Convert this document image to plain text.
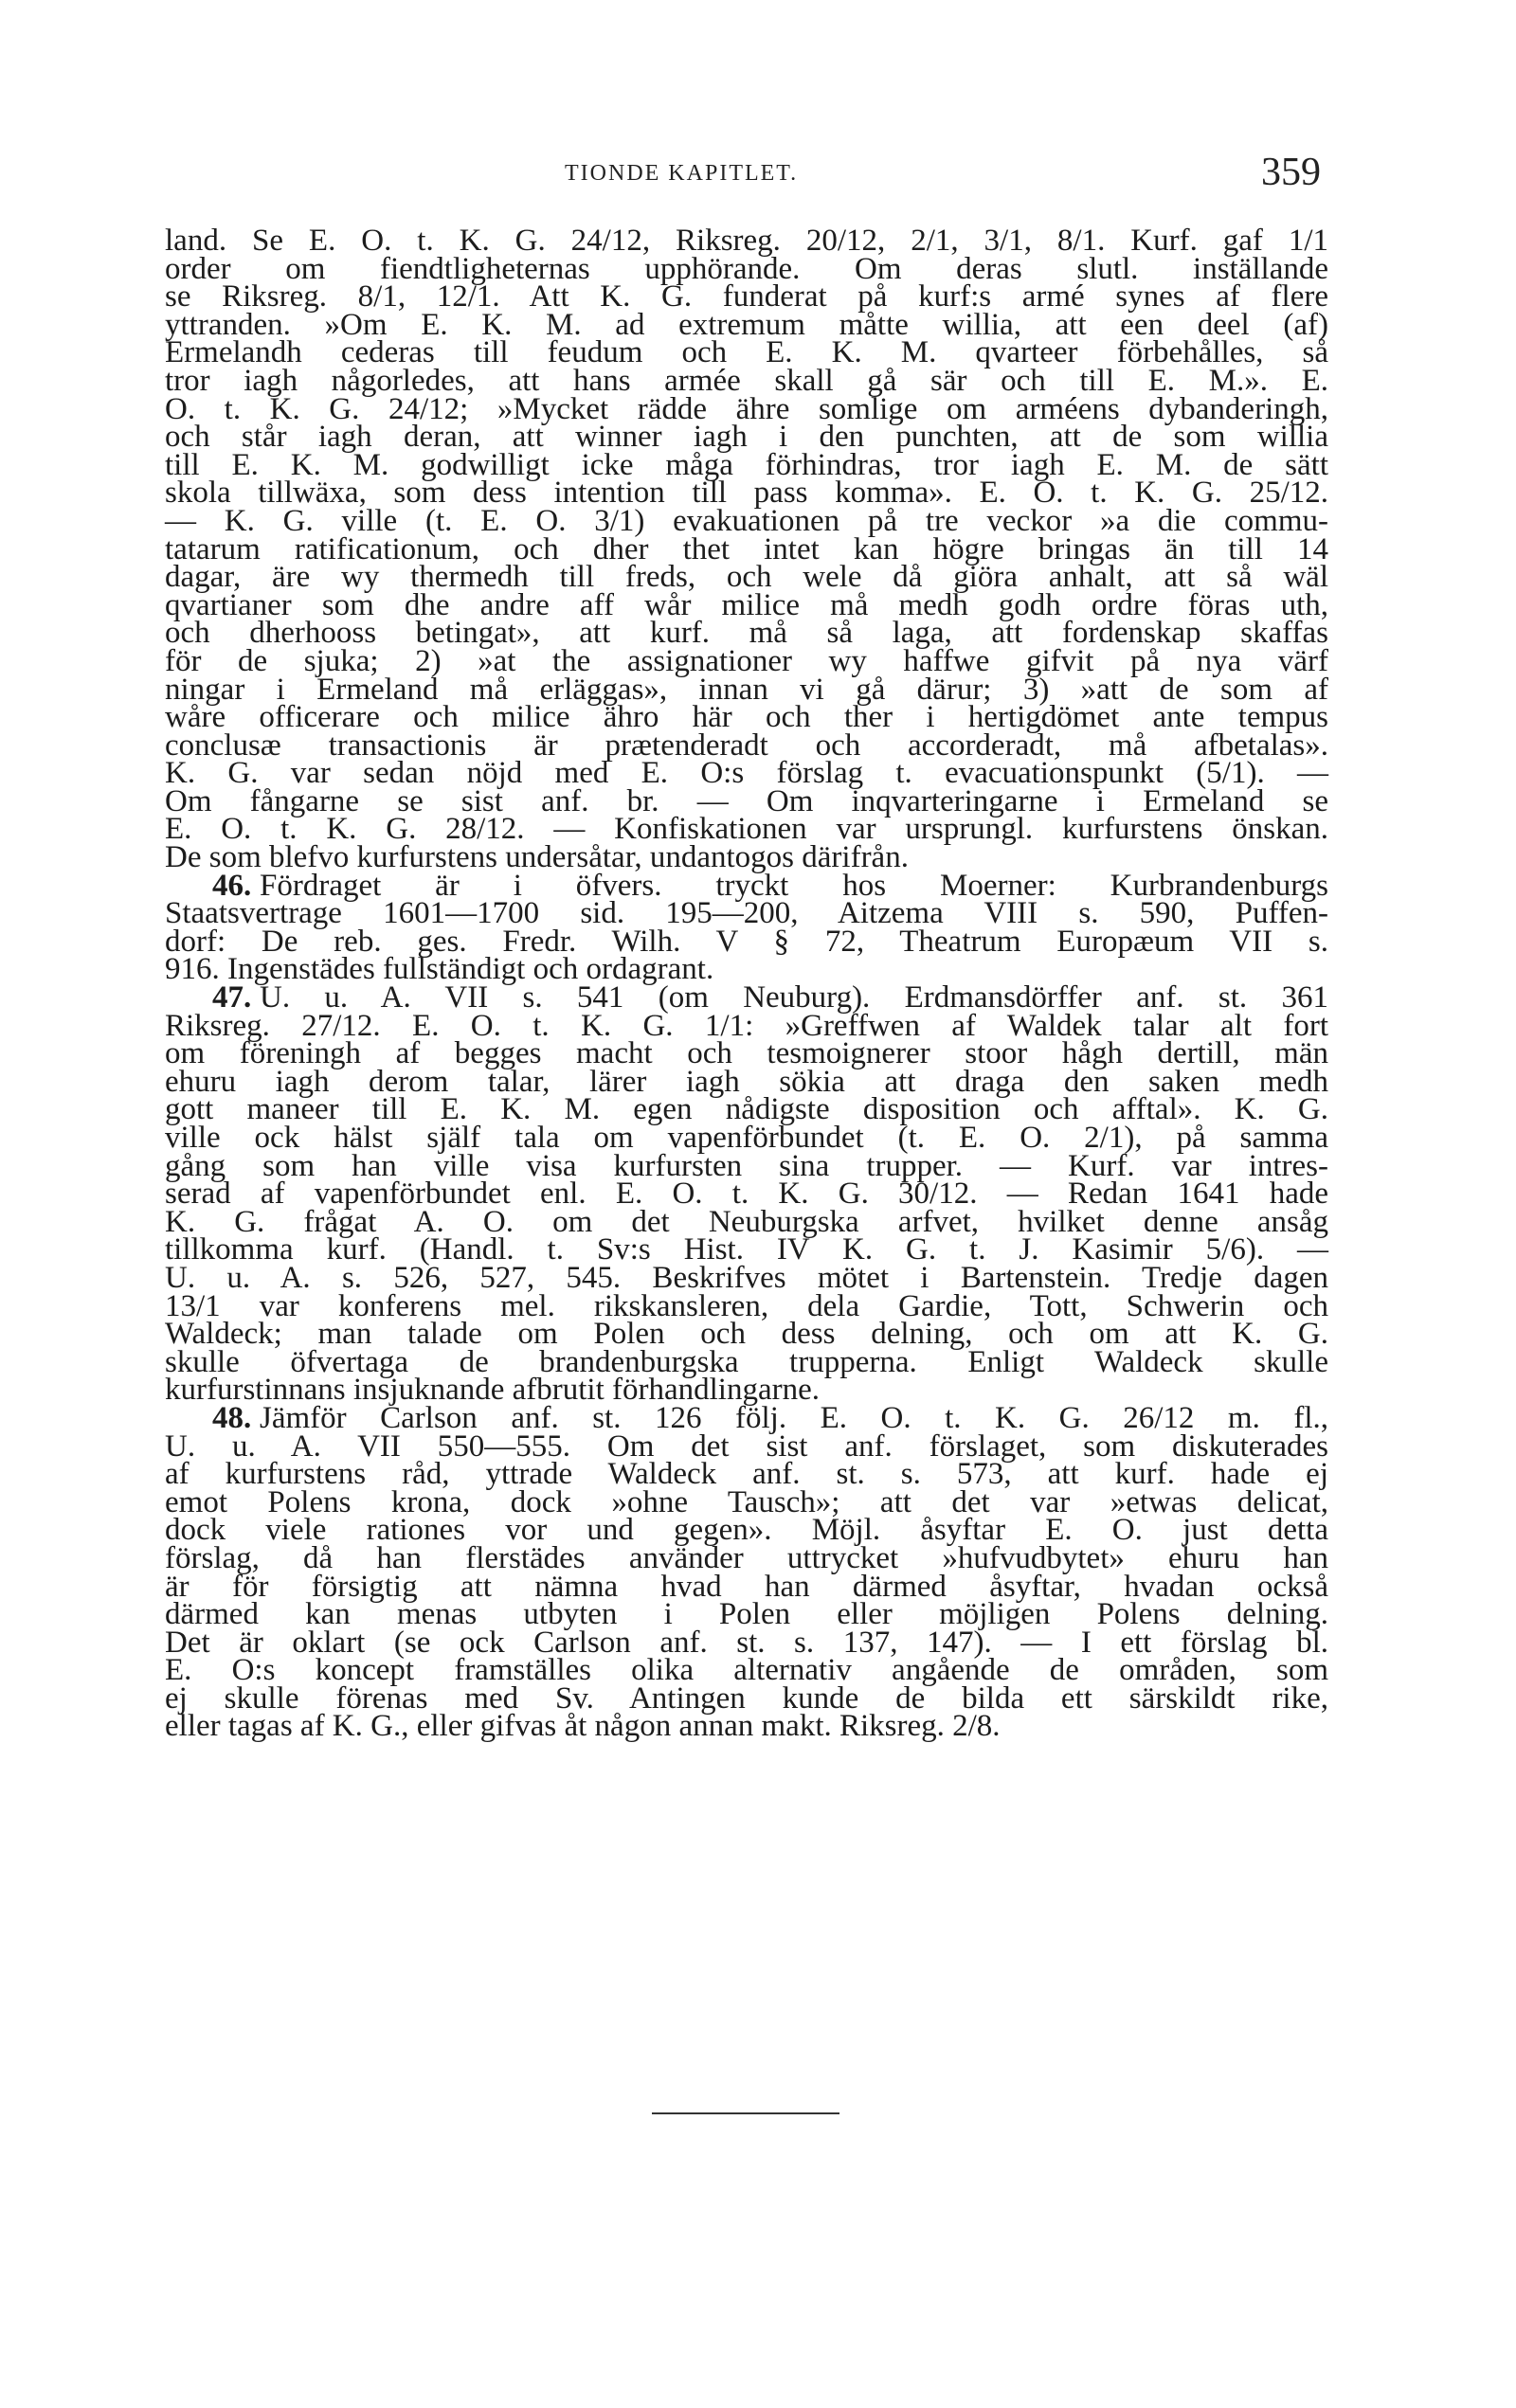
TIONDE KAPITLET.	359
land. Se E. O. t. K. G. 24/12, Riksreg. 20/12, 2/1, 3/1, 8/1. Kurf. gaf 1/1
order om fiendtligheternas upphörande. Om deras slutl. inställande
se Riksreg. 8/1, 12/1. Att K. G. funderat på kurf:s armé synes af flere
yttranden. »Om E. K. M. ad extremum måtte willia, att een deel (af)
Ermelandh cederas till feudum och E. K. M. qvarteer förbehålles, så
tror iagh någorledes, att hans armée skall gå sär och till E. M.». E.
O. t. K. G. 24/12; »Mycket rädde ähre somlige om arméens dybanderingh,
och står iagh deran, att winner iagh i den punchten, att de som willia
till E. K. M. godwilligt icke måga förhindras, tror iagh E. M. de sätt
skola tillwäxa, som dess intention till pass komma». E. O. t. K. G. 25/12.
— K. G. ville (t. E. O. 3/1) evakuationen på tre veckor »a die commu-
tatarum ratificationum, och dher thet intet kan högre bringas än till 14
dagar, äre wy thermedh till freds, och wele då giöra anhalt, att så wäl
qvartianer som dhe andre aff wår milice må medh godh ordre föras uth,
och dherhooss betingat», att kurf. må så laga, att fordenskap skaffas
för de sjuka; 2) »at the assignationer wy haffwe gifvit på nya värf
ningar i Ermeland må erläggas», innan vi gå därur; 3) »att de som af
wåre officerare och milice ähro här och ther i hertigdömet ante tempus
conclusæ transactionis är prætenderadt och accorderadt, må afbetalas».
K. G. var sedan nöjd med E. O:s förslag t. evacuationspunkt (5/1). —
Om fångarne se sist anf. br. — Om inqvarteringarne i Ermeland se
E. O. t. K. G. 28/12. — Konfiskationen var ursprungl. kurfurstens önskan.
De som blefvo kurfurstens undersåtar, undantogos därifrån.
46. Fördraget är i öfvers. tryckt hos Moerner: Kurbrandenburgs
Staatsvertrage 1601—1700 sid. 195—200, Aitzema VIII s. 590, Puffen-
dorf: De reb. ges. Fredr. Wilh. V § 72, Theatrum Europæum VII s.
916. Ingenstädes fullständigt och ordagrant.
47. U. u. A. VII s. 541 (om Neuburg). Erdmansdörffer anf. st. 361
Riksreg. 27/12. E. O. t. K. G. 1/1: »Greffwen af Waldek talar alt fort
om föreningh af begges macht och tesmoignerer stoor hågh dertill, män
ehuru iagh derom talar, lärer iagh sökia att draga den saken medh
gott maneer till E. K. M. egen nådigste disposition och afftal». K. G.
ville ock hälst själf tala om vapenförbundet (t. E. O. 2/1), på samma
gång som han ville visa kurfursten sina trupper. — Kurf. var intres-
serad af vapenförbundet enl. E. O. t. K. G. 30/12. — Redan 1641 hade
K. G. frågat A. O. om det Neuburgska arfvet, hvilket denne ansåg
tillkomma kurf. (Handl. t. Sv:s Hist. IV K. G. t. J. Kasimir 5/6). —
U. u. A. s. 526, 527, 545. Beskrifves mötet i Bartenstein. Tredje dagen
13/1 var konferens mel. rikskansleren, dela Gardie, Tott, Schwerin och
Waldeck; man talade om Polen och dess delning, och om att K. G.
skulle öfvertaga de brandenburgska trupperna. Enligt Waldeck skulle
kurfurstinnans insjuknande afbrutit förhandlingarne.
48. Jämför Carlson anf. st. 126 följ. E. O. t. K. G. 26/12 m. fl.,
U. u. A. VII 550—555. Om det sist anf. förslaget, som diskuterades
af kurfurstens råd, yttrade Waldeck anf. st. s. 573, att kurf. hade ej
emot Polens krona, dock »ohne Tausch»; att det var »etwas delicat,
dock viele rationes vor und gegen». Möjl. åsyftar E. O. just detta
förslag, då han flerstädes använder uttrycket »hufvudbytet» ehuru han
är för försigtig att nämna hvad han därmed åsyftar, hvadan också
därmed kan menas utbyten i Polen eller möjligen Polens delning.
Det är oklart (se ock Carlson anf. st. s. 137, 147). — I ett förslag bl.
E. O:s koncept framställes olika alternativ angående de områden, som
ej skulle förenas med Sv. Antingen kunde de bilda ett särskildt rike,
eller tagas af K. G., eller gifvas åt någon annan makt. Riksreg. 2/8.
